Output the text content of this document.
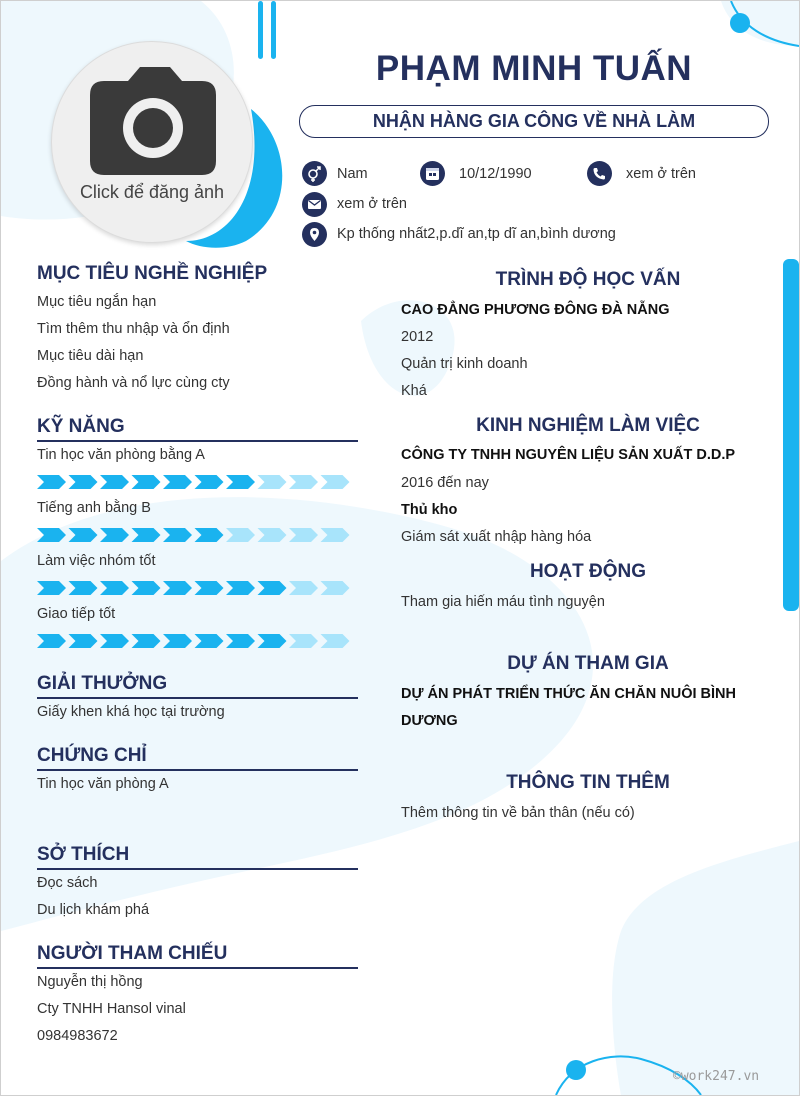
Click để đăng ảnh
PHẠM MINH TUẤN
NHẬN HÀNG GIA CÔNG VỀ NHÀ LÀM
Nam	10/12/1990	xem ở trên
xem ở trên
Kp thống nhất2,p.dĩ an,tp dĩ an,bình dương
MỤC TIÊU NGHỀ NGHIỆP
Mục tiêu ngắn hạn
Tìm thêm thu nhập và ổn định
Mục tiêu dài hạn
Đồng hành và nổ lực cùng cty
KỸ NĂNG
Tin học văn phòng bằng A
Tiếng anh bằng B
Làm việc nhóm tốt
Giao tiếp tốt
GIẢI THƯỞNG
Giấy khen khá học tại trường
CHỨNG CHỈ
Tin học văn phòng A
SỞ THÍCH
Đọc sách
Du lịch khám phá
NGƯỜI THAM CHIẾU
Nguyễn thị hồng
Cty TNHH Hansol vinal
0984983672
TRÌNH ĐỘ HỌC VẤN
CAO ĐẲNG PHƯƠNG ĐÔNG ĐÀ NẴNG
2012
Quản trị kinh doanh
Khá
KINH NGHIỆM LÀM VIỆC
CÔNG TY TNHH NGUYÊN LIỆU SẢN XUẤT D.D.P
2016 đến nay
Thủ kho
Giám sát xuất nhập hàng hóa
HOẠT ĐỘNG
Tham gia hiến máu tình nguyện
DỰ ÁN THAM GIA
DỰ ÁN PHÁT TRIỂN THỨC ĂN CHĂN NUÔI BÌNH
DƯƠNG
THÔNG TIN THÊM
Thêm thông tin về bản thân (nếu có)
©work247.vn
